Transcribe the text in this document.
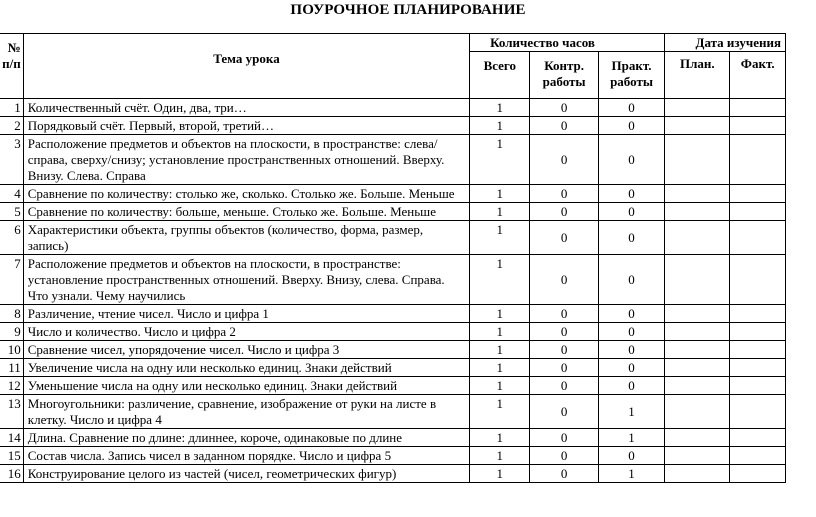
ПОУРОЧНОЕ ПЛАНИРОВАНИЕ
№
п/п	Тема урока	Количество часов			Дата изучения	
		Всего	Контр. работы	Практ. работы	План.	Факт.
1	Количественный счёт. Один, два, три…	1	0	0		
2	Порядковый счёт. Первый, второй, третий…	1	0	0		
3	Расположение предметов и объектов на плоскости, в пространстве: слева/справа, сверху/снизу; установление пространственных отношений. Вверху. Внизу. Слева. Справа	1	0	0		
4	Сравнение по количеству: столько же, сколько. Столько же. Больше. Меньше	1	0	0		
5	Сравнение по количеству: больше, меньше. Столько же. Больше. Меньше	1	0	0		
6	Характеристики объекта, группы объектов (количество, форма, размер, запись)	1	0	0		
7	Расположение предметов и объектов на плоскости, в пространстве: установление пространственных отношений. Вверху. Внизу, слева. Справа. Что узнали. Чему научились	1	0	0		
8	Различение, чтение чисел. Число и цифра 1	1	0	0		
9	Число и количество. Число и цифра 2	1	0	0		
10	Сравнение чисел, упорядочение чисел. Число и цифра 3	1	0	0		
11	Увеличение числа на одну или несколько единиц. Знаки действий	1	0	0		
12	Уменьшение числа на одну или несколько единиц. Знаки действий	1	0	0		
13	Многоугольники: различение, сравнение, изображение от руки на листе в клетку. Число и цифра 4	1	0	1		
14	Длина. Сравнение по длине: длиннее, короче, одинаковые по длине	1	0	1		
15	Состав числа. Запись чисел в заданном порядке. Число и цифра 5	1	0	0		
16	Конструирование целого из частей (чисел, геометрических фигур)	1	0	1		
